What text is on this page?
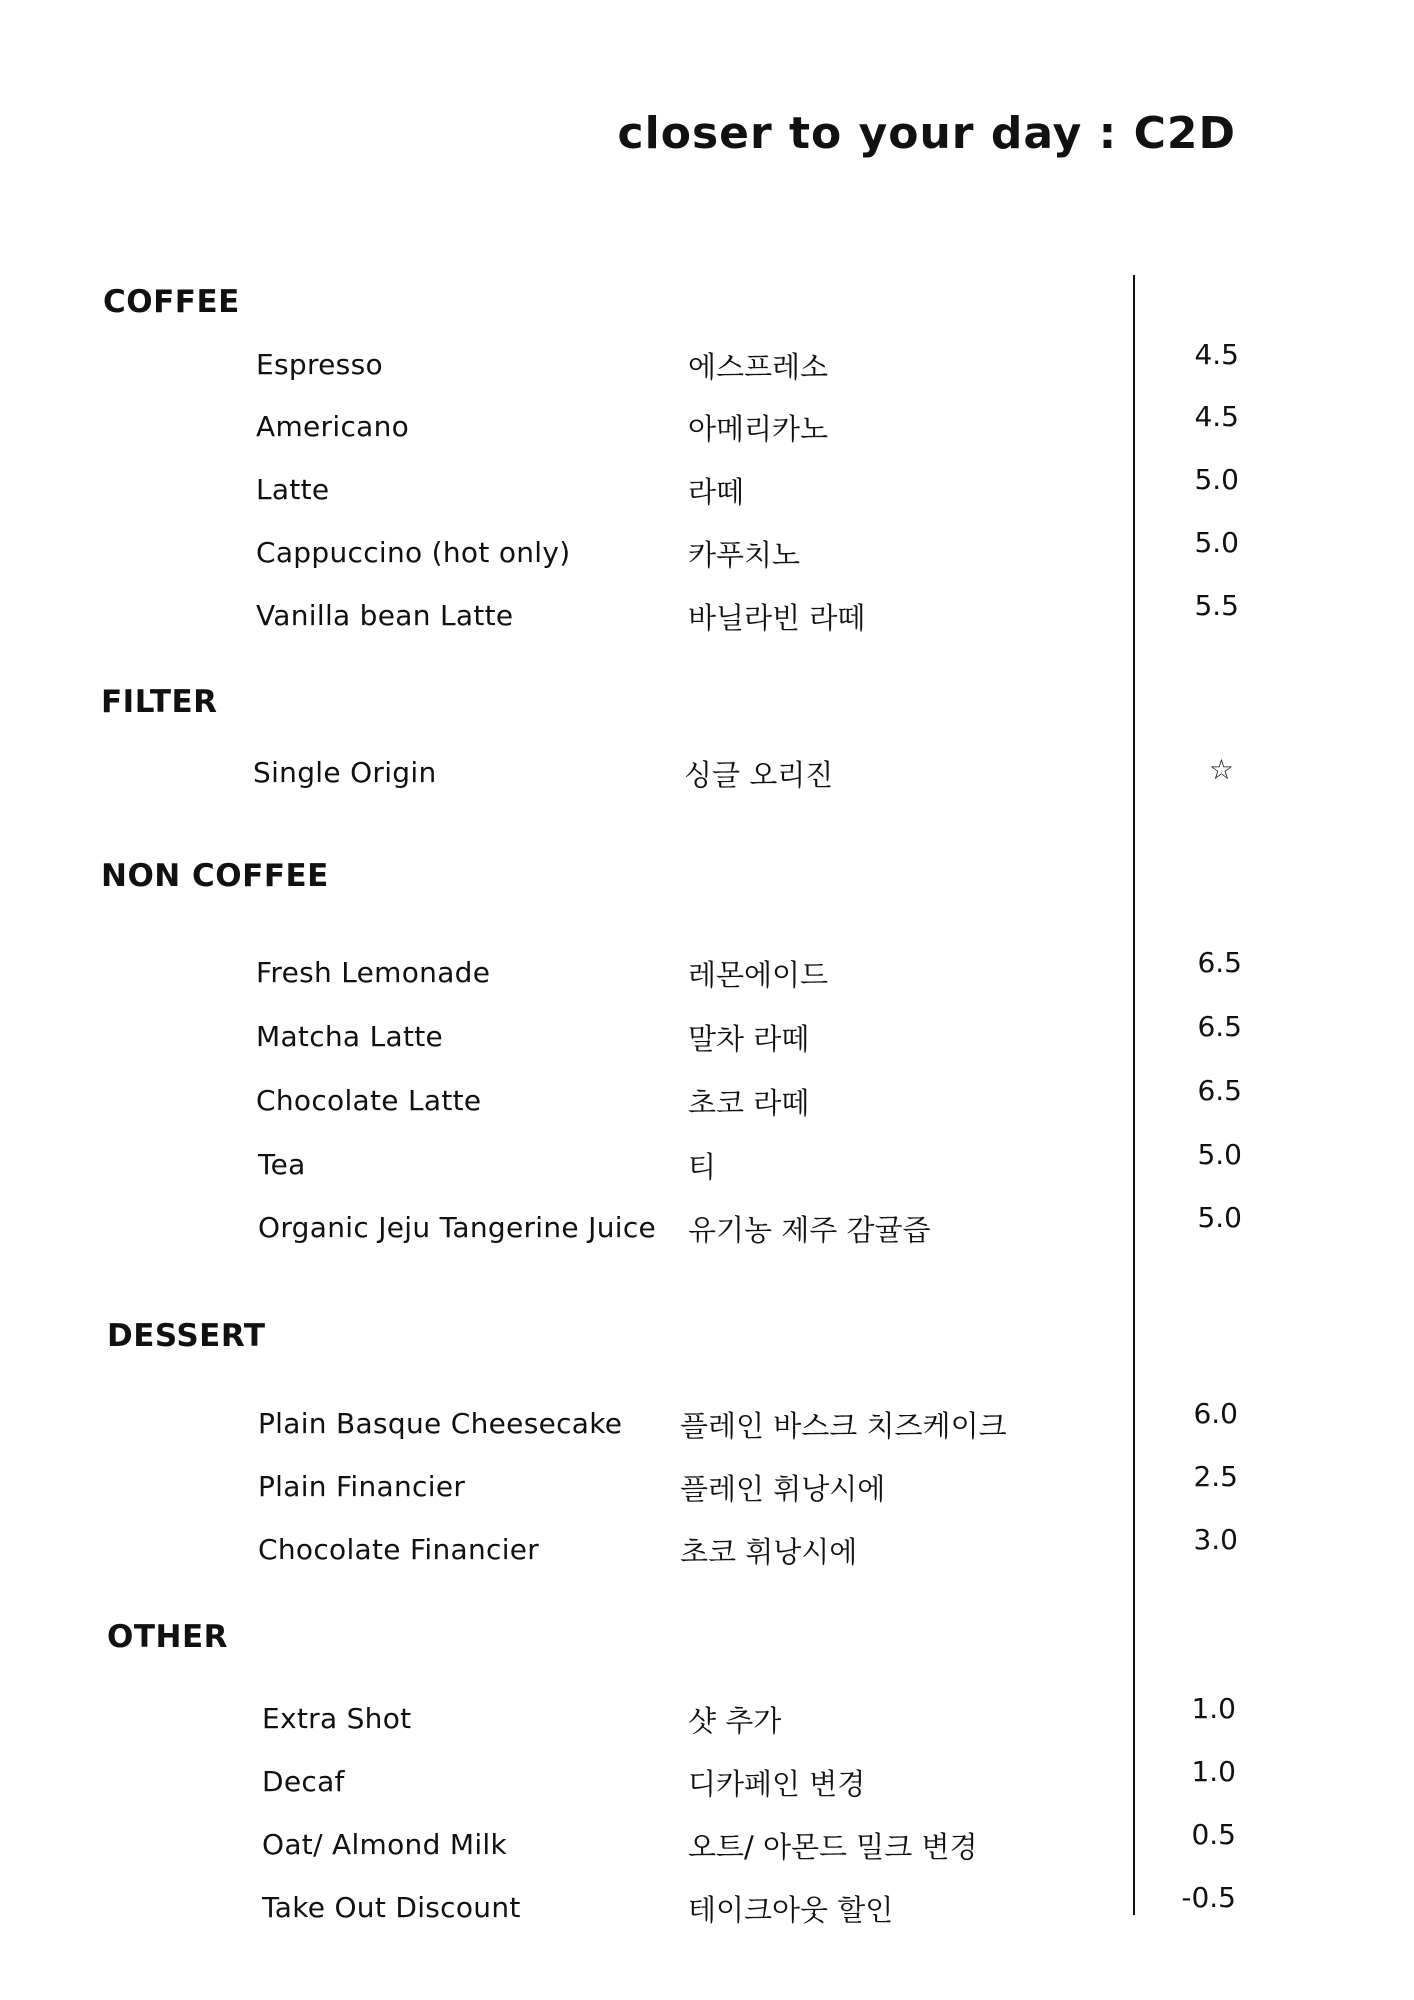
closer to your day : C2D
COFFEE
Espresso	에스프레소	4.5
Americano	아메리카노	4.5
Latte	라떼	5.0
Cappuccino (hot only)	카푸치노	5.0
Vanilla bean Latte	바닐라빈 라떼	5.5
FILTER
Single Origin	싱글 오리진	☆
NON COFFEE
Fresh Lemonade	레몬에이드	6.5
Matcha Latte	말차 라떼	6.5
Chocolate Latte	초코 라떼	6.5
Tea	티	5.0
Organic Jeju Tangerine Juice 유기농 제주 감귤즙	5.0
DESSERT
Plain Basque Cheesecake 플레인 바스크 치즈케이크	6.0
Plain Financier	플레인 휘낭시에	2.5
Chocolate Financier	초코 휘낭시에	3.0
OTHER
Extra Shot	샷 추가	1.0
Decaf	디카페인 변경	1.0
Oat/ Almond Milk	오트/ 아몬드 밀크 변경	0.5
Take Out Discount	테이크아웃 할인	-0.5
